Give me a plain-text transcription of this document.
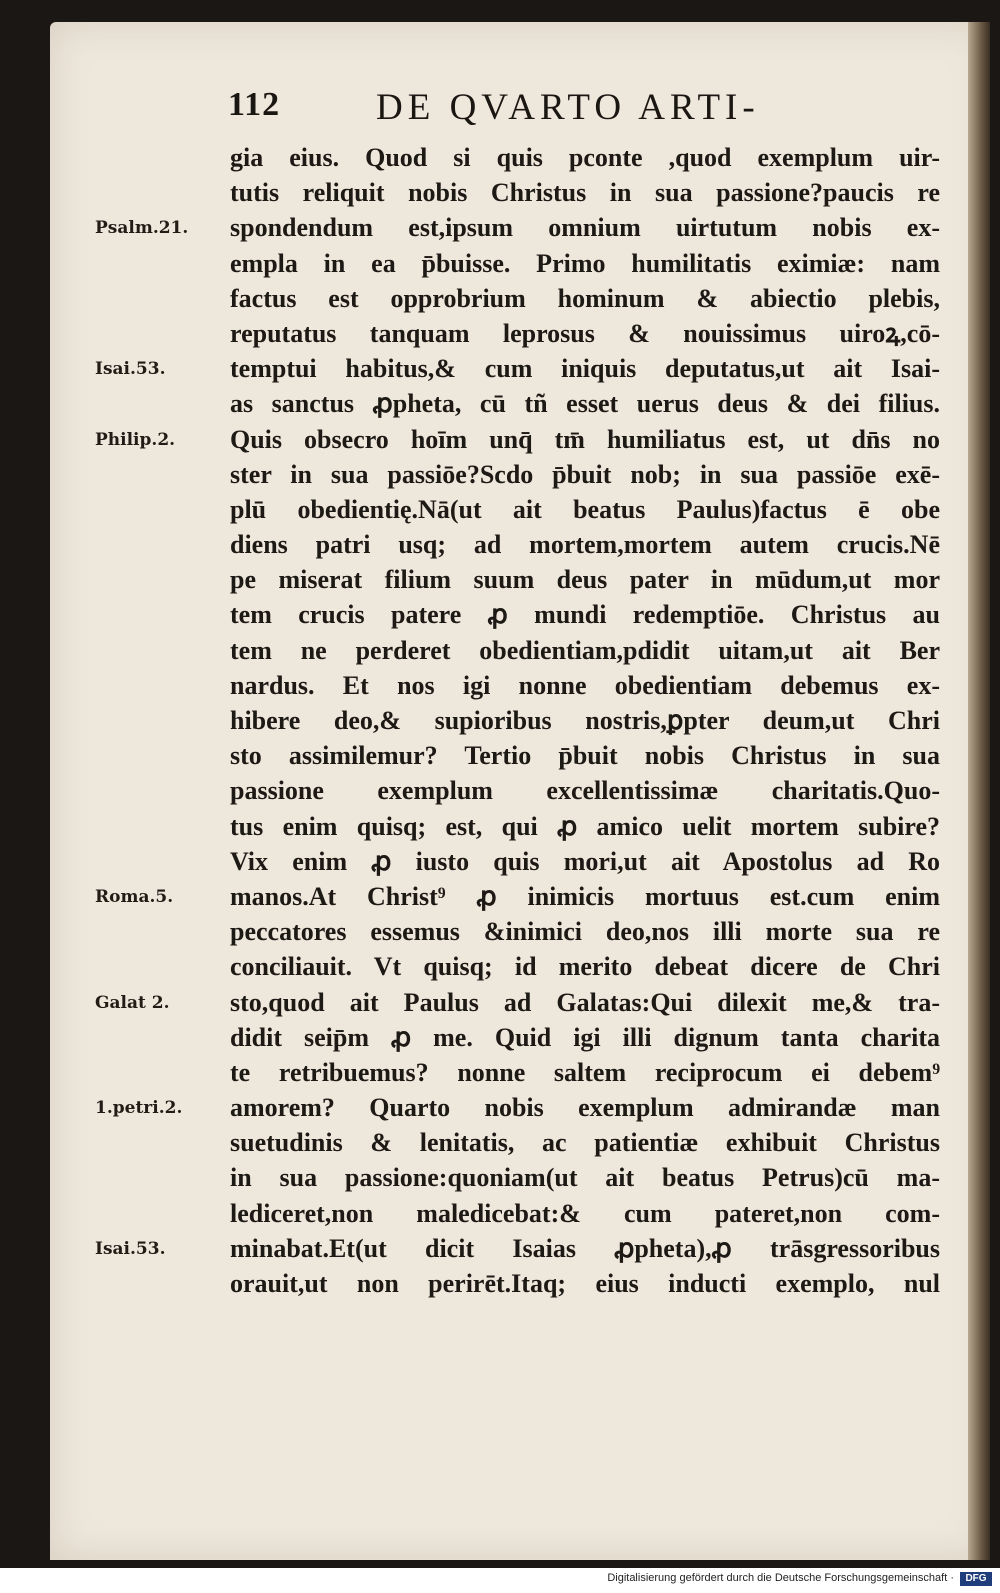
112	DE QVARTO ARTI-
gia eius. Quod si quis pconte ,quod exemplum uir-
tutis reliquit nobis Christus in sua passione?paucis re
spondendum est,ipsum omnium uirtutum nobis ex-
empla in ea p̄buisse. Primo humilitatis eximiæ: nam
factus est opprobrium hominum & abiectio plebis,
reputatus tanquam leprosus & nouissimus uiroꝝ,cō-
temptui habitus,& cum iniquis deputatus,ut ait Isai-
as sanctus ꝓpheta, cū tñ esset uerus deus & dei filius.
Quis obsecro hoīm unq̄ tm̄ humiliatus est, ut dn̄s no
ster in sua passiōe?Scdo p̄buit nob; in sua passiōe exē-
plū obedientię.Nā(ut ait beatus Paulus)factus ē obe
diens patri usq; ad mortem,mortem autem crucis.Nē
pe miserat filium suum deus pater in mūdum,ut mor
tem crucis patere ꝓ mundi redemptiōe. Christus au
tem ne perderet obedientiam,pdidit uitam,ut ait Ber
nardus. Et nos igi nonne obedientiam debemus ex-
hibere deo,& supioribus nostris,ꝑpter deum,ut Chri
sto assimilemur? Tertio p̄buit nobis Christus in sua
passione exemplum excellentissimæ charitatis.Quo-
tus enim quisq; est, qui ꝓ amico uelit mortem subire?
Vix enim ꝓ iusto quis mori,ut ait Apostolus ad Ro
manos.At Christ⁹ ꝓ inimicis mortuus est.cum enim
peccatores essemus &inimici deo,nos illi morte sua re
conciliauit. Vt quisq; id merito debeat dicere de Chri
sto,quod ait Paulus ad Galatas:Qui dilexit me,& tra-
didit seip̄m ꝓ me. Quid igi illi dignum tanta charita
te retribuemus? nonne saltem reciprocum ei debem⁹
amorem? Quarto nobis exemplum admirandæ man
suetudinis & lenitatis, ac patientiæ exhibuit Christus
in sua passione:quoniam(ut ait beatus Petrus)cū ma-
lediceret,non maledicebat:& cum pateret,non com-
minabat.Et(ut dicit Isaias ꝓpheta),ꝓ trāsgressoribus
orauit,ut non perirēt.Itaq; eius inducti exemplo, nul
Psalm.21.
Isai.53.
Philip.2.
Roma.5.
Galat 2.
1.petri.2.
Isai.53.
Digitalisierung gefördert durch die Deutsche Forschungsgemeinschaft ·	DFG
